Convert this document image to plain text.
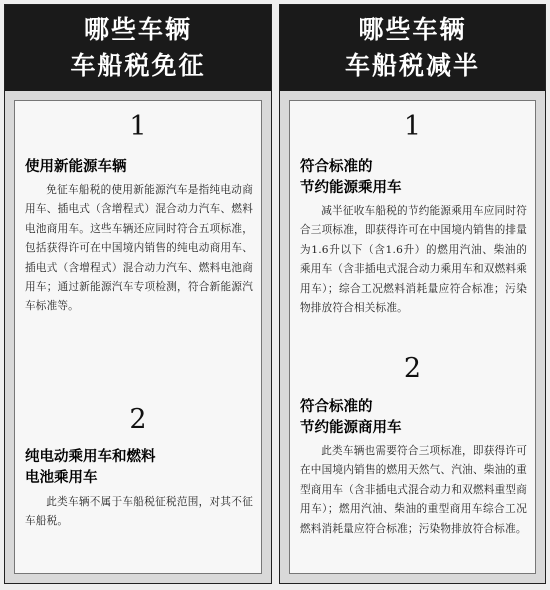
哪些车辆
车船税免征
1
使用新能源车辆
免征车船税的使用新能源汽车是指纯电动商用车、插电式（含增程式）混合动力汽车、燃料电池商用车。这些车辆还应同时符合五项标准，包括获得许可在中国境内销售的纯电动商用车、插电式（含增程式）混合动力汽车、燃料电池商用车；通过新能源汽车专项检测，符合新能源汽车标准等。
2
纯电动乘用车和燃料
电池乘用车
此类车辆不属于车船税征税范围，对其不征车船税。
哪些车辆
车船税减半
1
符合标准的
节约能源乘用车
减半征收车船税的节约能源乘用车应同时符合三项标准，即获得许可在中国境内销售的排量为1.6升以下（含1.6升）的燃用汽油、柴油的乘用车（含非插电式混合动力乘用车和双燃料乘用车）；综合工况燃料消耗量应符合标准；污染物排放符合相关标准。
2
符合标准的
节约能源商用车
此类车辆也需要符合三项标准，即获得许可在中国境内销售的燃用天然气、汽油、柴油的重型商用车（含非插电式混合动力和双燃料重型商用车）；燃用汽油、柴油的重型商用车综合工况燃料消耗量应符合标准；污染物排放符合标准。
